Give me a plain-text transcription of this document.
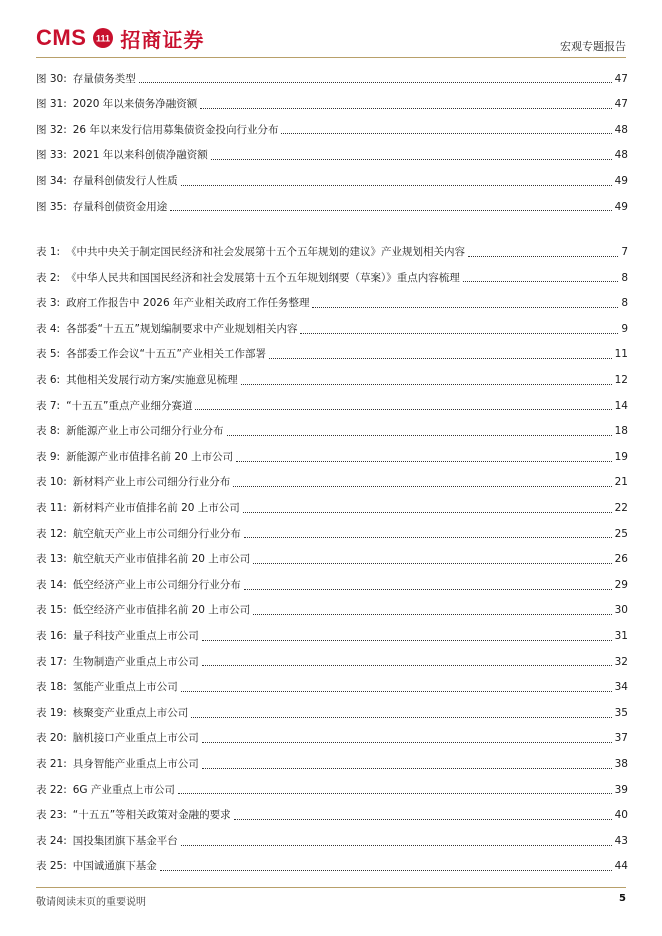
CMS 111 招商证券	宏观专题报告
图 30: 存量债务类型	47
图 31: 2020 年以来债务净融资额	47
图 32: 26 年以来发行信用募集债资金投向行业分布	48
图 33: 2021 年以来科创债净融资额	48
图 34: 存量科创债发行人性质	49
图 35: 存量科创债资金用途	49
表 1: 《中共中央关于制定国民经济和社会发展第十五个五年规划的建议》产业规划相关内容	7
表 2: 《中华人民共和国国民经济和社会发展第十五个五年规划纲要（草案）》重点内容梳理	8
表 3: 政府工作报告中 2026 年产业相关政府工作任务整理	8
表 4: 各部委“十五五”规划编制要求中产业规划相关内容	9
表 5: 各部委工作会议“十五五”产业相关工作部署	11
表 6: 其他相关发展行动方案/实施意见梳理	12
表 7: “十五五”重点产业细分赛道	14
表 8: 新能源产业上市公司细分行业分布	18
表 9: 新能源产业市值排名前 20 上市公司	19
表 10: 新材料产业上市公司细分行业分布	21
表 11: 新材料产业市值排名前 20 上市公司	22
表 12: 航空航天产业上市公司细分行业分布	25
表 13: 航空航天产业市值排名前 20 上市公司	26
表 14: 低空经济产业上市公司细分行业分布	29
表 15: 低空经济产业市值排名前 20 上市公司	30
表 16: 量子科技产业重点上市公司	31
表 17: 生物制造产业重点上市公司	32
表 18: 氢能产业重点上市公司	34
表 19: 核聚变产业重点上市公司	35
表 20: 脑机接口产业重点上市公司	37
表 21: 具身智能产业重点上市公司	38
表 22: 6G 产业重点上市公司	39
表 23: “十五五”等相关政策对金融的要求	40
表 24: 国投集团旗下基金平台	43
表 25: 中国诚通旗下基金	44
敬请阅读末页的重要说明	5
